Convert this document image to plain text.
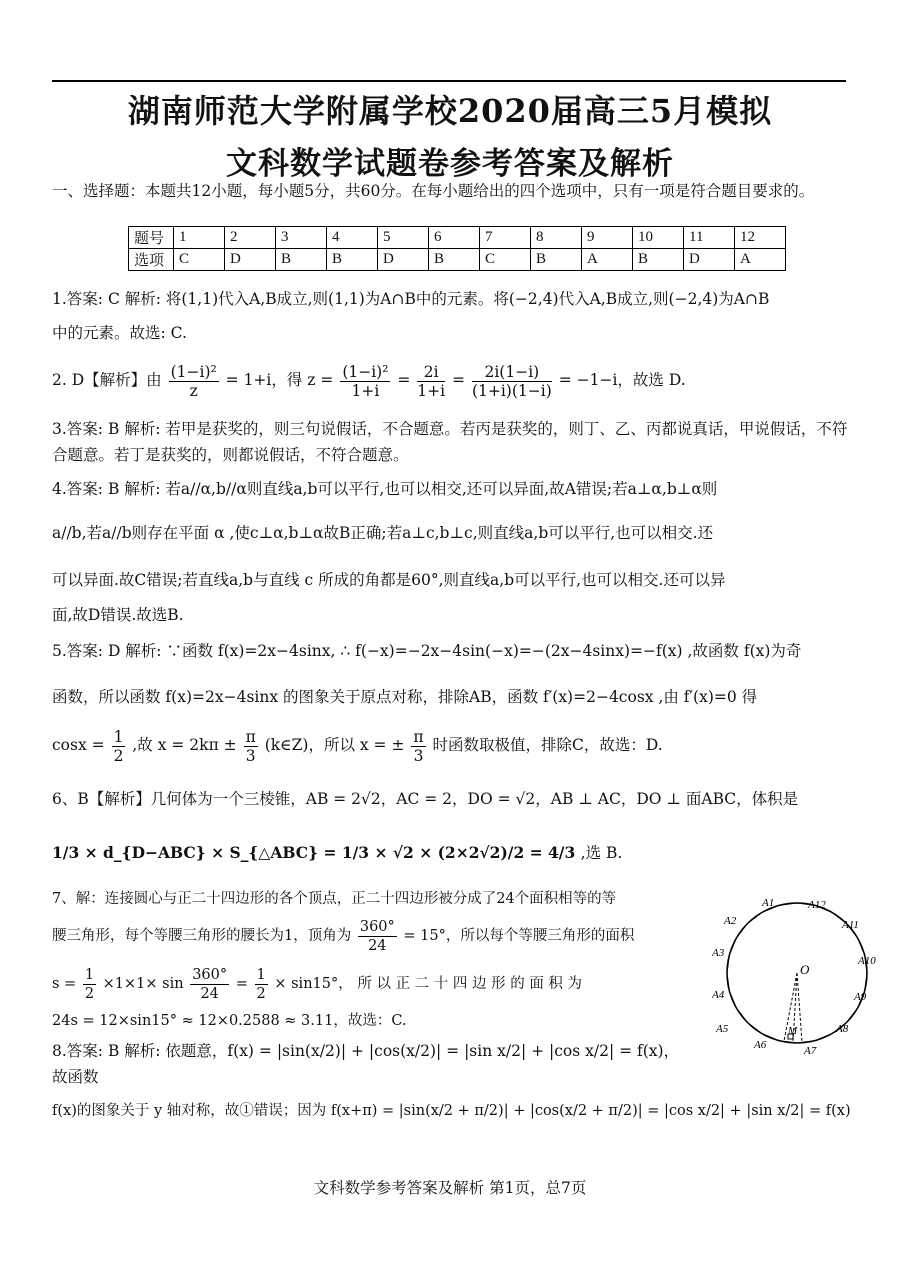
湖南师范大学附属学校2020届高三5月模拟
文科数学试题卷参考答案及解析
一、选择题：本题共12小题，每小题5分，共60分。在每小题给出的四个选项中，只有一项是符合题目要求的。
题号	1	2	3	4	5	6	7	8	9	10	11	12
选项	C	D	B	B	D	B	C	B	A	B	D	A
1.答案: C 解析: 将(1,1)代入A,B成立,则(1,1)为A∩B中的元素。将(−2,4)代入A,B成立,则(−2,4)为A∩B
中的元素。故选: C.
2. D【解析】由 $\frac{\text{(1−i)²}}{z} = 1+i$，得 $z = \frac{\text{(1−i)²}}{1+i} = \frac{2i}{1+i} = \frac{2i(1-i)}{(1+i)(1-i)} = -1-i$，故选 D.
3.答案: B 解析: 若甲是获奖的，则三句说假话，不合题意。若丙是获奖的，则丁、乙、丙都说真话，甲说假话，不符合题意。若丁是获奖的，则都说假话，不符合题意。
4.答案: B 解析: 若a//α,b//α则直线a,b可以平行,也可以相交,还可以异面,故A错误;若a⊥α,b⊥α则
a//b,若a//b则存在平面 α ,使c⊥α,b⊥α故B正确;若a⊥c,b⊥c,则直线a,b可以平行,也可以相交.还
可以异面.故C错误;若直线a,b与直线 c 所成的角都是60°,则直线a,b可以平行,也可以相交.还可以异
面,故D错误.故选B.
5.答案: D 解析: ∵函数 f(x)=2x−4sinx, ∴ f(−x)=−2x−4sin(−x)=−(2x−4sinx)=−f(x) ,故函数 f(x)为奇
函数，所以函数 f(x)=2x−4sinx 的图象关于原点对称，排除AB，函数 f′(x)=2−4cosx ,由 f′(x)=0 得
$\cos x = \frac{1}{2}$ ,故 $x = 2k\pi \pm \frac{\pi}{3}$ (k∈Z)，所以 x = ± $\frac{\pi}{3}$ 时函数取极值，排除C，故选：D.
6、B【解析】几何体为一个三棱锥，AB = 2√2，AC = 2，DO = √2，AB ⊥ AC，DO ⊥ 面ABC，体积是
1/3 × d_{D−ABC} × S_{△ABC} = 1/3 × √2 × (2×2√2)/2 = 4/3 ,选 B.
7、解：连接圆心与正二十四边形的各个顶点，正二十四边形被分成了24个面积相等的等
腰三角形，每个等腰三角形的腰长为1，顶角为 $\frac{360^\circ}{24} = 15^\circ$，所以每个等腰三角形的面积
$s = \frac{1}{2} \times 1\times 1\times \sin \frac{360^\circ}{24} = \frac{1}{2} \times \sin 15^\circ$， 所 以 正 二 十 四 边 形 的 面 积 为
24s = 12×sin15° ≈ 12×0.2588 ≈ 3.11，故选：C.
8.答案: B 解析: 依题意，f(x) = |sin(x/2)| + |cos(x/2)| = |sin x/2| + |cos x/2| = f(x)，故函数
f(x)的图象关于 y 轴对称，故①错误；因为 f(x+π) = |sin(x/2 + π/2)| + |cos(x/2 + π/2)| = |cos x/2| + |sin x/2| = f(x)
O
A1	A12
A11
A10
A9
A8
A7
A6
A5
A4
A3
A2
M
文科数学参考答案及解析 第1页，总7页
